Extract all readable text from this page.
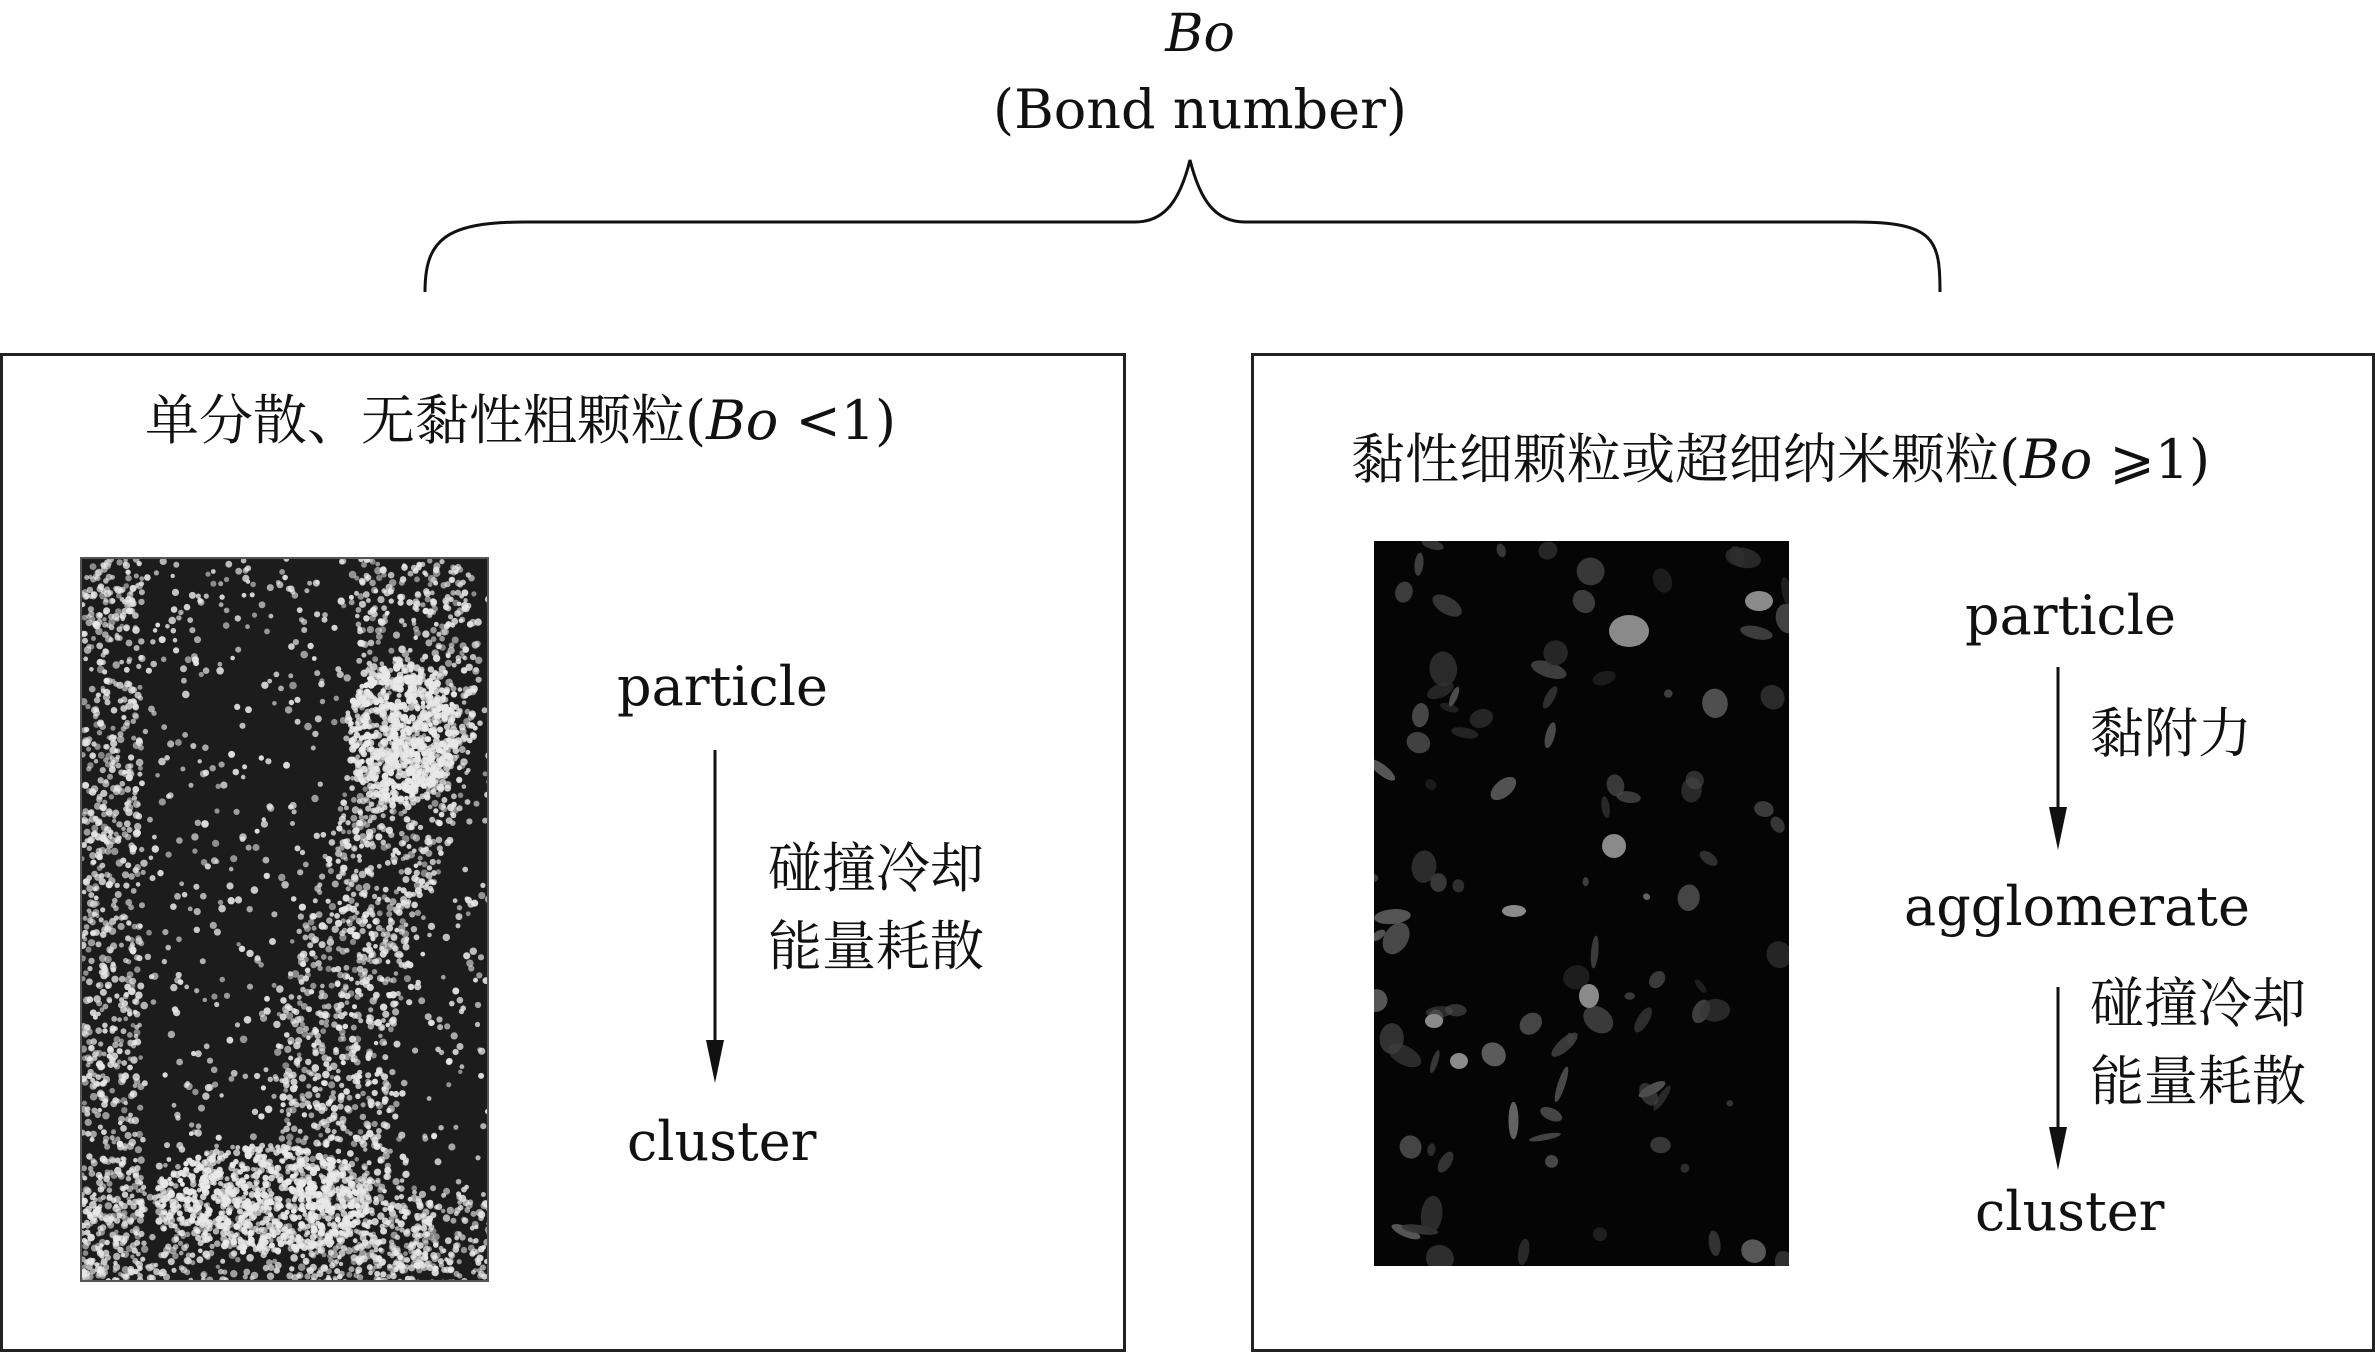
Bo
(Bond number)
单分散、无黏性粗颗粒(Bo <1)
particle
碰撞冷却
能量耗散
cluster
黏性细颗粒或超细纳米颗粒(Bo ⩾1)
particle
黏附力
agglomerate
碰撞冷却
能量耗散
cluster
